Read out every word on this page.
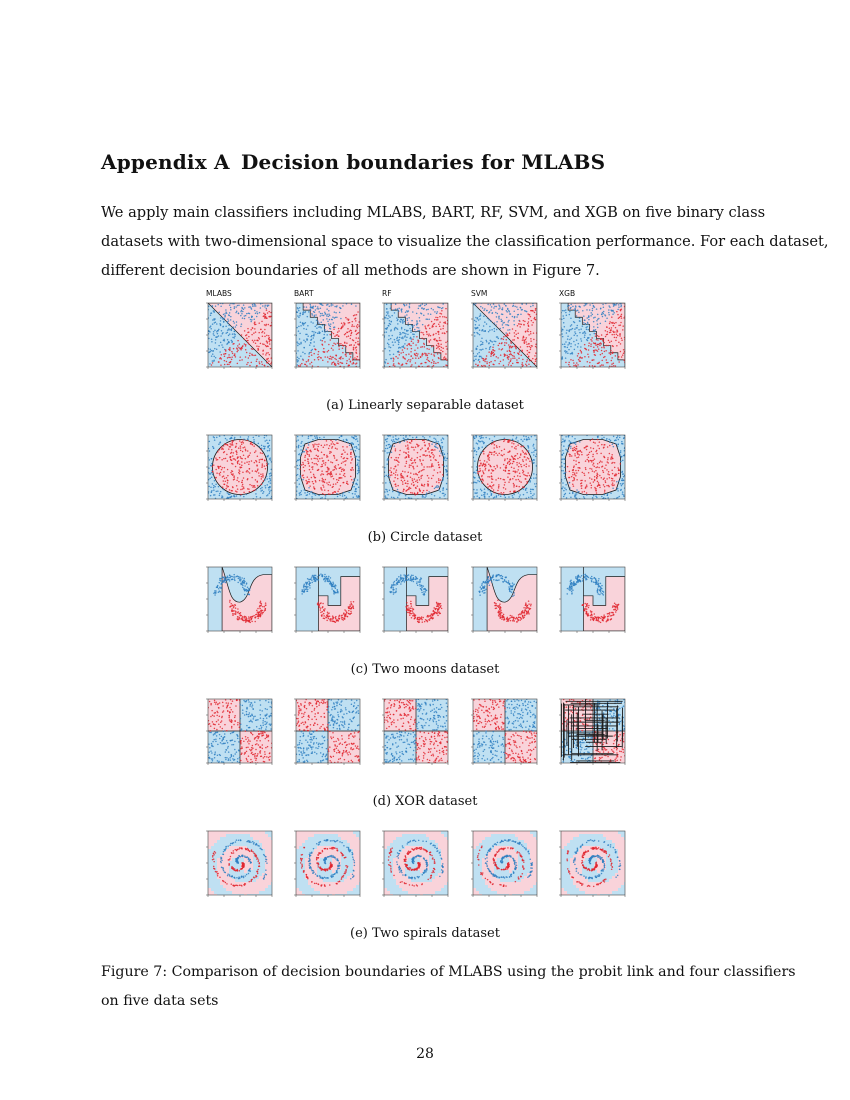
Appendix A Decision boundaries for MLABS

We apply main classifiers including MLABS, BART, RF, SVM, and XGB on five binary class
datasets with two-dimensional space to visualize the classification performance. For each dataset,
different decision boundaries of all methods are shown in Figure 7.

MLABS	BART	RF	SVM	XGB

(a) Linearly separable dataset

(b) Circle dataset

(c) Two moons dataset

(d) XOR dataset

(e) Two spirals dataset

Figure 7: Comparison of decision boundaries of MLABS using the probit link and four classifiers
on five data sets

28
